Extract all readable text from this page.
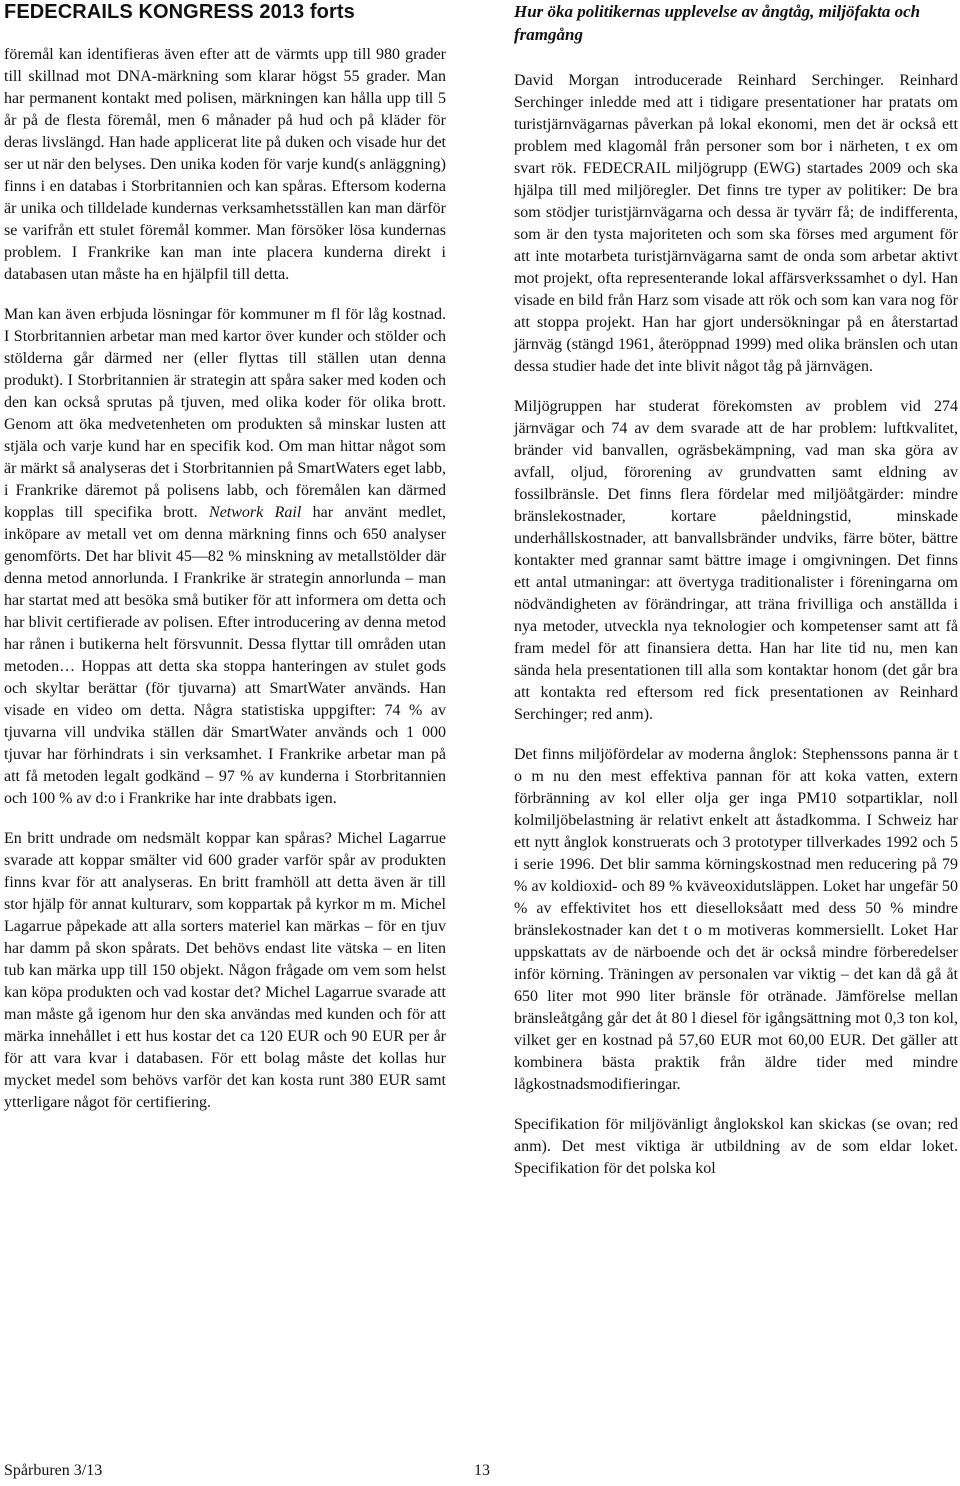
FEDECRAILS KONGRESS 2013 forts

föremål kan identifieras även efter att de värmts upp till 980 grader till skillnad mot DNA-märkning som klarar högst 55 grader. Man har permanent kontakt med polisen, märkningen kan hålla upp till 5 år på de flesta föremål, men 6 månader på hud och på kläder för deras livslängd. Han hade applicerat lite på duken och visade hur det ser ut när den belyses. Den unika koden för varje kund(s anläggning) finns i en databas i Storbritannien och kan spåras. Eftersom koderna är unika och tilldelade kundernas verksamhetsställen kan man därför se varifrån ett stulet föremål kommer. Man försöker lösa kundernas problem. I Frankrike kan man inte placera kunderna direkt i databasen utan måste ha en hjälpfil till detta.

Man kan även erbjuda lösningar för kommuner m fl för låg kostnad. I Storbritannien arbetar man med kartor över kunder och stölder och stölderna går därmed ner (eller flyttas till ställen utan denna produkt). I Storbritannien är strategin att spåra saker med koden och den kan också sprutas på tjuven, med olika koder för olika brott. Genom att öka medvetenheten om produkten så minskar lusten att stjäla och varje kund har en specifik kod. Om man hittar något som är märkt så analyseras det i Storbritannien på SmartWaters eget labb, i Frankrike däremot på polisens labb, och föremålen kan därmed kopplas till specifika brott. Network Rail har använt medlet, inköpare av metall vet om denna märkning finns och 650 analyser genomförts. Det har blivit 45—82 % minskning av metallstölder där denna metod annorlunda. I Frankrike är strategin annorlunda – man har startat med att besöka små butiker för att informera om detta och har blivit certifierade av polisen. Efter introducering av denna metod har rånen i butikerna helt försvunnit. Dessa flyttar till områden utan metoden… Hoppas att detta ska stoppa hanteringen av stulet gods och skyltar berättar (för tjuvarna) att SmartWater används. Han visade en video om detta. Några statistiska uppgifter: 74 % av tjuvarna vill undvika ställen där SmartWater används och 1 000 tjuvar har förhindrats i sin verksamhet. I Frankrike arbetar man på att få metoden legalt godkänd – 97 % av kunderna i Storbritannien och 100 % av d:o i Frankrike har inte drabbats igen.

En britt undrade om nedsmält koppar kan spåras? Michel Lagarrue svarade att koppar smälter vid 600 grader varför spår av produkten finns kvar för att analyseras. En britt framhöll att detta även är till stor hjälp för annat kulturarv, som koppartak på kyrkor m m. Michel Lagarrue påpekade att alla sorters materiel kan märkas – för en tjuv har damm på skon spårats. Det behövs endast lite vätska – en liten tub kan märka upp till 150 objekt. Någon frågade om vem som helst kan köpa produkten och vad kostar det? Michel Lagarrue svarade att man måste gå igenom hur den ska användas med kunden och för att märka innehållet i ett hus kostar det ca 120 EUR och 90 EUR per år för att vara kvar i databasen. För ett bolag måste det kollas hur mycket medel som behövs varför det kan kosta runt 380 EUR samt ytterligare något för certifiering.

Hur öka politikernas upplevelse av ångtåg, miljöfakta och framgång

David Morgan introducerade Reinhard Serchinger. Reinhard Serchinger inledde med att i tidigare presentationer har pratats om turistjärnvägarnas påverkan på lokal ekonomi, men det är också ett problem med klagomål från personer som bor i närheten, t ex om svart rök. FEDECRAIL miljögrupp (EWG) startades 2009 och ska hjälpa till med miljöregler. Det finns tre typer av politiker: De bra som stödjer turistjärnvägarna och dessa är tyvärr få; de indifferenta, som är den tysta majoriteten och som ska förses med argument för att inte motarbeta turistjärnvägarna samt de onda som arbetar aktivt mot projekt, ofta representerande lokal affärsverkssamhet o dyl. Han visade en bild från Harz som visade att rök och som kan vara nog för att stoppa projekt. Han har gjort undersökningar på en återstartad järnväg (stängd 1961, återöppnad 1999) med olika bränslen och utan dessa studier hade det inte blivit något tåg på järnvägen.

Miljögruppen har studerat förekomsten av problem vid 274 järnvägar och 74 av dem svarade att de har problem: luftkvalitet, bränder vid banvallen, ogräsbekämpning, vad man ska göra av avfall, oljud, förorening av grundvatten samt eldning av fossilbränsle. Det finns flera fördelar med miljöåtgärder: mindre bränslekostnader, kortare påeldningstid, minskade underhållskostnader, att banvallsbränder undviks, färre böter, bättre kontakter med grannar samt bättre image i omgivningen. Det finns ett antal utmaningar: att övertyga traditionalister i föreningarna om nödvändigheten av förändringar, att träna frivilliga och anställda i nya metoder, utveckla nya teknologier och kompetenser samt att få fram medel för att finansiera detta. Han har lite tid nu, men kan sända hela presentationen till alla som kontaktar honom (det går bra att kontakta red eftersom red fick presentationen av Reinhard Serchinger; red anm).

Det finns miljöfördelar av moderna ånglok: Stephenssons panna är t o m nu den mest effektiva pannan för att koka vatten, extern förbränning av kol eller olja ger inga PM10 sotpartiklar, noll kolmiljöbelastning är relativt enkelt att åstadkomma. I Schweiz har ett nytt ånglok konstruerats och 3 prototyper tillverkades 1992 och 5 i serie 1996. Det blir samma körningskostnad men reducering på 79 % av koldioxid- och 89 % kväveoxidutsläppen. Loket har ungefär 50 % av effektivitet hos ett dieselloksåatt med dess 50 % mindre bränslekostnader kan det t o m motiveras kommersiellt. Loket Har uppskattats av de närboende och det är också mindre förberedelser inför körning. Träningen av personalen var viktig – det kan då gå åt 650 liter mot 990 liter bränsle för otränade. Jämförelse mellan bränsleåtgång går det åt 80 l diesel för igångsättning mot 0,3 ton kol, vilket ger en kostnad på 57,60 EUR mot 60,00 EUR. Det gäller att kombinera bästa praktik från äldre tider med mindre lågkostnadsmodifieringar.

Specifikation för miljövänligt ånglokskol kan skickas (se ovan; red anm). Det mest viktiga är utbildning av de som eldar loket. Specifikation för det polska kol

Spårburen 3/13	13
